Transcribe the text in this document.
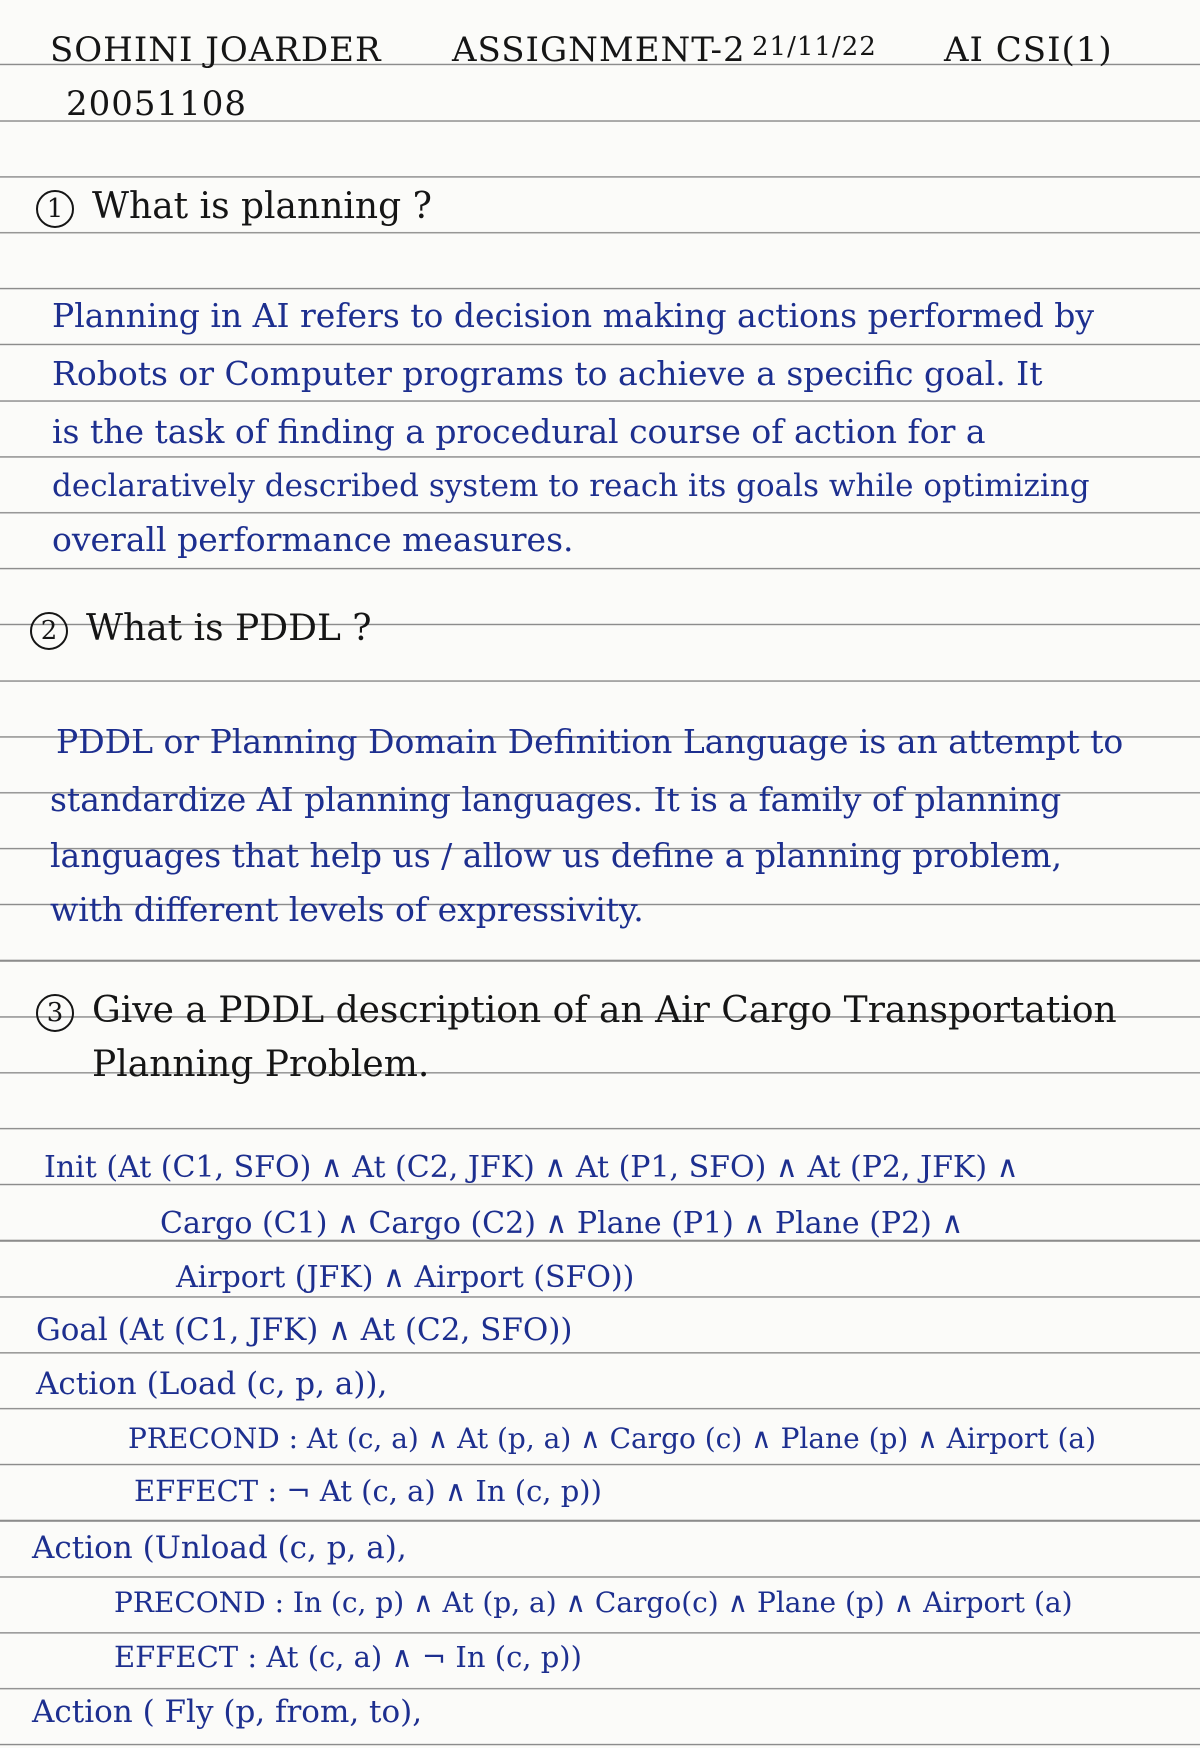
SOHINI JOARDER ASSIGNMENT-2 21/11/22 AI CSI(1)
20051108
1 What is planning ?
Planning in AI refers to decision making actions performed by
Robots or Computer programs to achieve a specific goal. It
is the task of finding a procedural course of action for a
declaratively described system to reach its goals while optimizing
overall performance measures.
2 What is PDDL ?
PDDL or Planning Domain Definition Language is an attempt to
standardize AI planning languages. It is a family of planning
languages that help us / allow us define a planning problem,
with different levels of expressivity.
3 Give a PDDL description of an Air Cargo Transportation
Planning Problem.
Init (At (C1, SFO) ∧ At (C2, JFK) ∧ At (P1, SFO) ∧ At (P2, JFK) ∧
Cargo (C1) ∧ Cargo (C2) ∧ Plane (P1) ∧ Plane (P2) ∧
Airport (JFK) ∧ Airport (SFO))
Goal (At (C1, JFK) ∧ At (C2, SFO))
Action (Load (c, p, a)),
PRECOND : At (c, a) ∧ At (p, a) ∧ Cargo (c) ∧ Plane (p) ∧ Airport (a)
EFFECT : ¬ At (c, a) ∧ In (c, p))
Action (Unload (c, p, a),
PRECOND : In (c, p) ∧ At (p, a) ∧ Cargo(c) ∧ Plane (p) ∧ Airport (a)
EFFECT : At (c, a) ∧ ¬ In (c, p))
Action ( Fly (p, from, to),
